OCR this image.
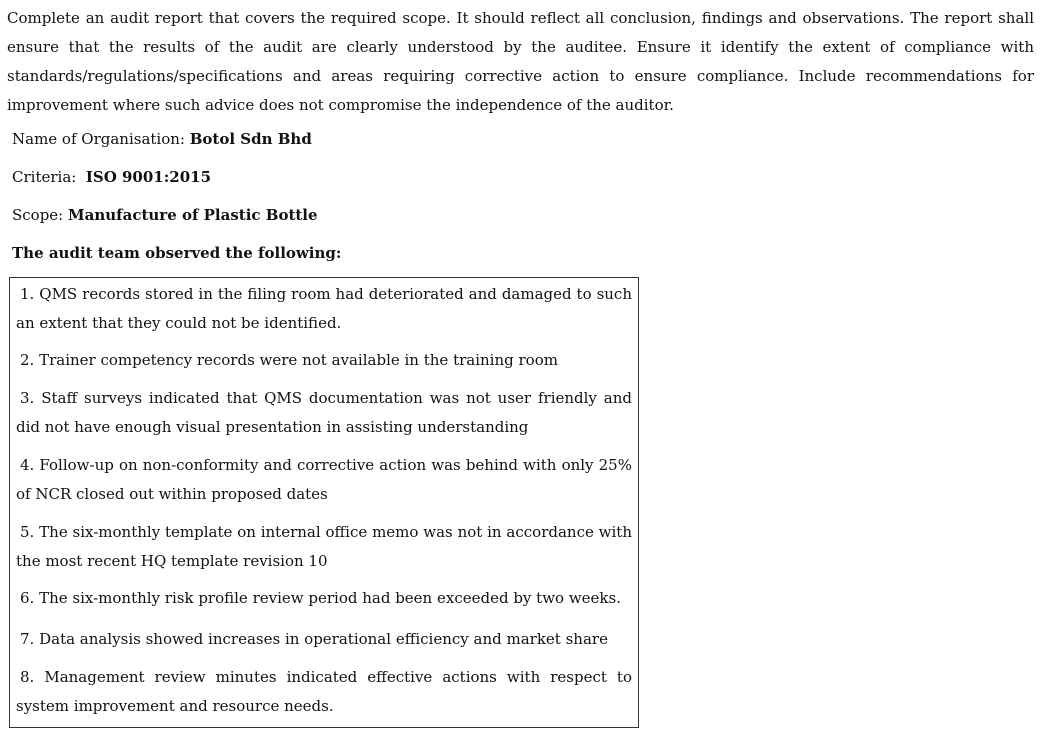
Complete an audit report that covers the required scope. It should reflect all conclusion, findings and observations. The report shall ensure that the results of the audit are clearly understood by the auditee. Ensure it identify the extent of compliance with standards/regulations/specifications and areas requiring corrective action to ensure compliance. Include recommendations for improvement where such advice does not compromise the independence of the auditor.

Name of Organisation: Botol Sdn Bhd
Criteria:  ISO 9001:2015
Scope: Manufacture of Plastic Bottle
The audit team observed the following:
1. QMS records stored in the filing room had deteriorated and damaged to such an extent that they could not be identified.
2. Trainer competency records were not available in the training room
3. Staff surveys indicated that QMS documentation was not user friendly and did not have enough visual presentation in assisting understanding
4. Follow-up on non-conformity and corrective action was behind with only 25% of NCR closed out within proposed dates
5. The six-monthly template on internal office memo was not in accordance with the most recent HQ template revision 10
6. The six-monthly risk profile review period had been exceeded by two weeks.
7. Data analysis showed increases in operational efficiency and market share
8. Management review minutes indicated effective actions with respect to system improvement and resource needs.
